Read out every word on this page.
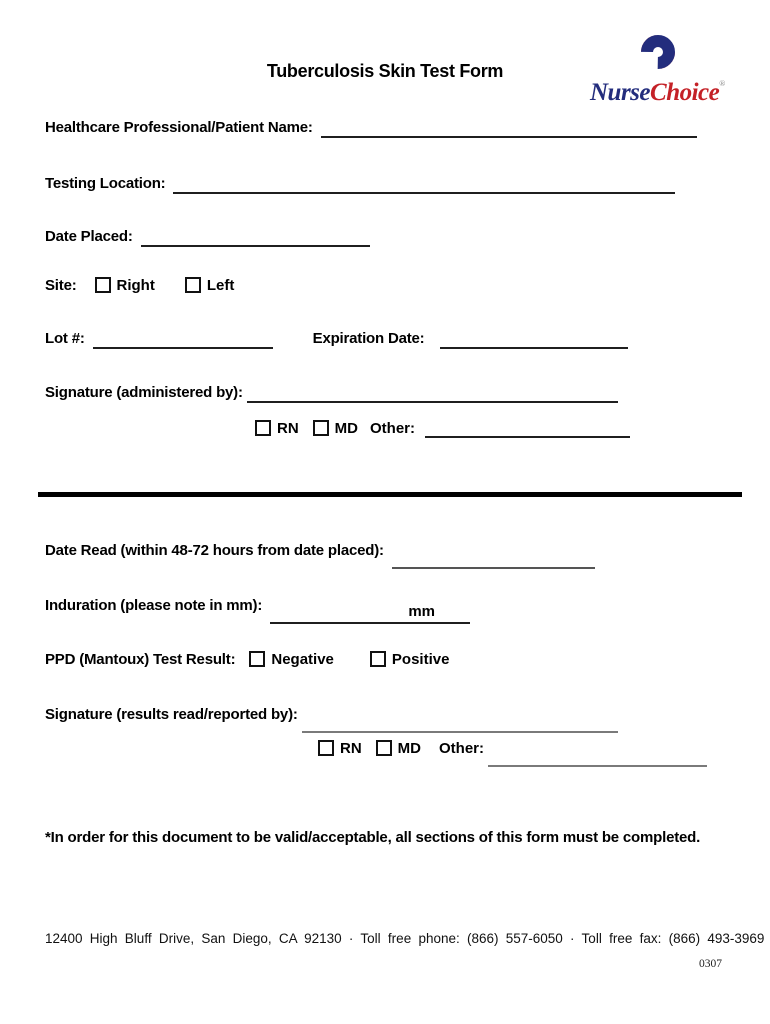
Tuberculosis Skin Test Form
NurseChoice®
Healthcare Professional/Patient Name:
Testing Location:
Date Placed:
Site:	Right	Left
Lot #:	Expiration Date:
Signature (administered by):
RN MD Other:
Date Read (within 48-72 hours from date placed):
Induration (please note in mm):	mm
PPD (Mantoux) Test Result: Negative	Positive
Signature (results read/reported by):
RN MD Other:
*In order for this document to be valid/acceptable, all sections of this form must be completed.
12400 High Bluff Drive, San Diego, CA 92130 · Toll free phone: (866) 557-6050 · Toll free fax: (866) 493-3969
0307
